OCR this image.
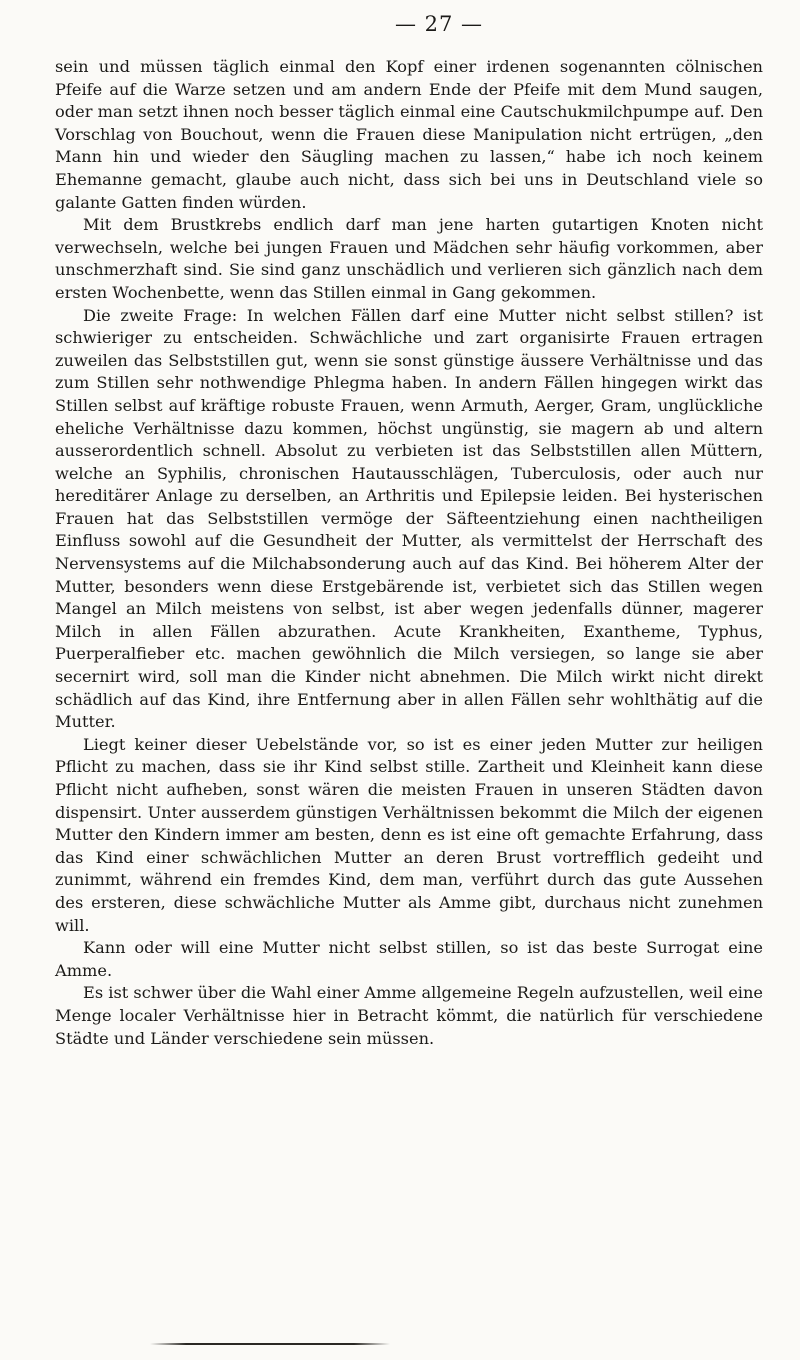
— 27 —

sein und müssen täglich einmal den Kopf einer irdenen sogenannten cölnischen Pfeife auf die Warze setzen und am andern Ende der Pfeife mit dem Mund saugen, oder man setzt ihnen noch besser täglich einmal eine Cautschukmilchpumpe auf. Den Vorschlag von Bouchout, wenn die Frauen diese Manipulation nicht ertrügen, „den Mann hin und wieder den Säugling machen zu lassen,“ habe ich noch keinem Ehemanne gemacht, glaube auch nicht, dass sich bei uns in Deutschland viele so galante Gatten finden würden.

Mit dem Brustkrebs endlich darf man jene harten gutartigen Knoten nicht verwechseln, welche bei jungen Frauen und Mädchen sehr häufig vorkommen, aber unschmerzhaft sind. Sie sind ganz unschädlich und verlieren sich gänzlich nach dem ersten Wochenbette, wenn das Stillen einmal in Gang gekommen.

Die zweite Frage: In welchen Fällen darf eine Mutter nicht selbst stillen? ist schwieriger zu entscheiden. Schwächliche und zart organisirte Frauen ertragen zuweilen das Selbststillen gut, wenn sie sonst günstige äussere Verhältnisse und das zum Stillen sehr nothwendige Phlegma haben. In andern Fällen hingegen wirkt das Stillen selbst auf kräftige robuste Frauen, wenn Armuth, Aerger, Gram, unglückliche eheliche Verhältnisse dazu kommen, höchst ungünstig, sie magern ab und altern ausserordentlich schnell. Absolut zu verbieten ist das Selbststillen allen Müttern, welche an Syphilis, chronischen Hautausschlägen, Tuberculosis, oder auch nur hereditärer Anlage zu derselben, an Arthritis und Epilepsie leiden. Bei hysterischen Frauen hat das Selbststillen vermöge der Säfteentziehung einen nachtheiligen Einfluss sowohl auf die Gesundheit der Mutter, als vermittelst der Herrschaft des Nervensystems auf die Milchabsonderung auch auf das Kind. Bei höherem Alter der Mutter, besonders wenn diese Erstgebärende ist, verbietet sich das Stillen wegen Mangel an Milch meistens von selbst, ist aber wegen jedenfalls dünner, magerer Milch in allen Fällen abzurathen. Acute Krankheiten, Exantheme, Typhus, Puerperalfieber etc. machen gewöhnlich die Milch versiegen, so lange sie aber secernirt wird, soll man die Kinder nicht abnehmen. Die Milch wirkt nicht direkt schädlich auf das Kind, ihre Entfernung aber in allen Fällen sehr wohlthätig auf die Mutter.

Liegt keiner dieser Uebelstände vor, so ist es einer jeden Mutter zur heiligen Pflicht zu machen, dass sie ihr Kind selbst stille. Zartheit und Kleinheit kann diese Pflicht nicht aufheben, sonst wären die meisten Frauen in unseren Städten davon dispensirt. Unter ausserdem günstigen Verhältnissen bekommt die Milch der eigenen Mutter den Kindern immer am besten, denn es ist eine oft gemachte Erfahrung, dass das Kind einer schwächlichen Mutter an deren Brust vortrefflich gedeiht und zunimmt, während ein fremdes Kind, dem man, verführt durch das gute Aussehen des ersteren, diese schwächliche Mutter als Amme gibt, durchaus nicht zunehmen will.

Kann oder will eine Mutter nicht selbst stillen, so ist das beste Surrogat eine Amme.

Es ist schwer über die Wahl einer Amme allgemeine Regeln aufzustellen, weil eine Menge localer Verhältnisse hier in Betracht kömmt, die natürlich für verschiedene Städte und Länder verschiedene sein müssen.
